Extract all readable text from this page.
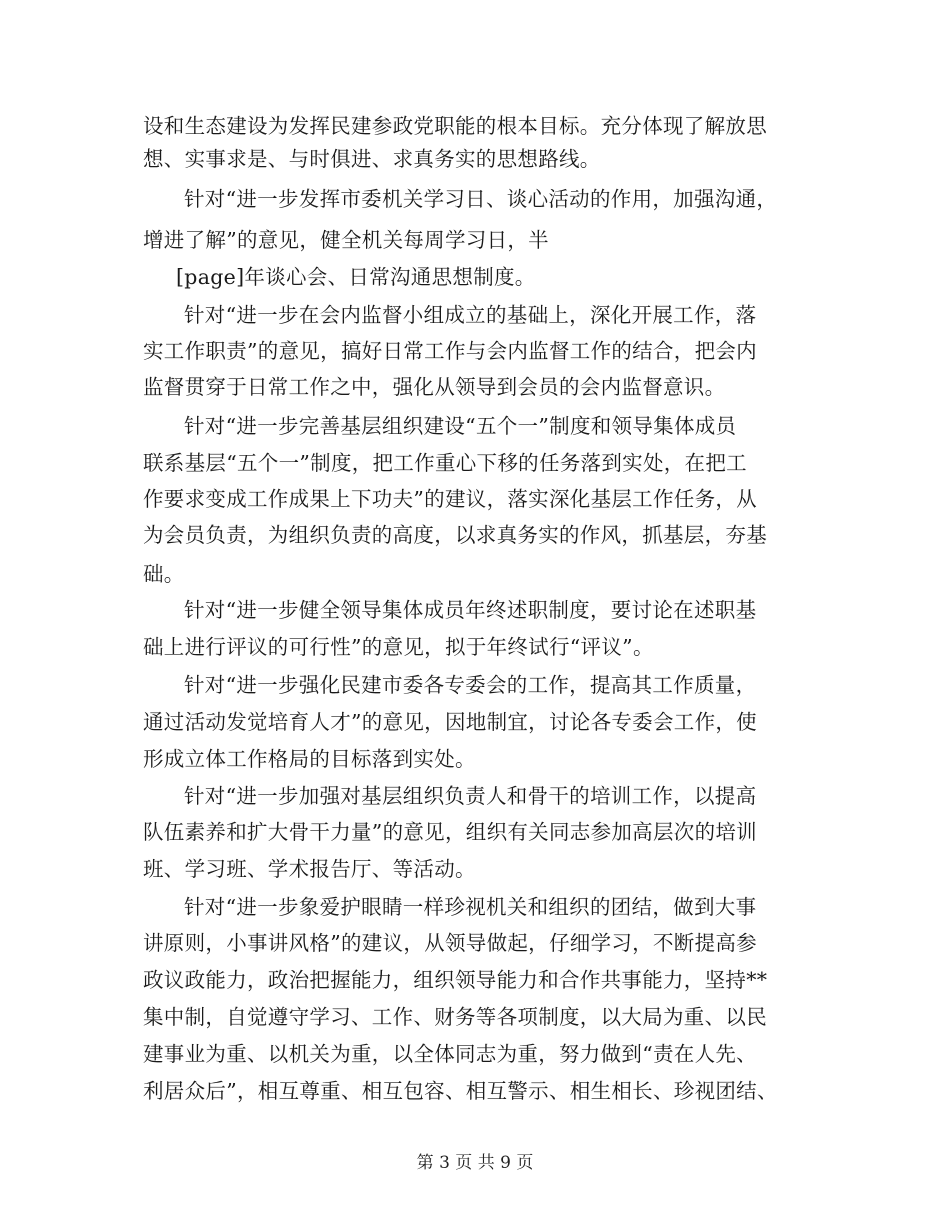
设和生态建设为发挥民建参政党职能的根本目标。充分体现了解放思
想、实事求是、与时俱进、求真务实的思想路线。
针对“进一步发挥市委机关学习日、谈心活动的作用，加强沟通，
增进了解”的意见，健全机关每周学习日，半
[page]年谈心会、日常沟通思想制度。
针对“进一步在会内监督小组成立的基础上，深化开展工作，落
实工作职责”的意见，搞好日常工作与会内监督工作的结合，把会内
监督贯穿于日常工作之中，强化从领导到会员的会内监督意识。
针对“进一步完善基层组织建设“五个一”制度和领导集体成员
联系基层“五个一”制度，把工作重心下移的任务落到实处，在把工
作要求变成工作成果上下功夫”的建议，落实深化基层工作任务，从
为会员负责，为组织负责的高度，以求真务实的作风，抓基层，夯基
础。
针对“进一步健全领导集体成员年终述职制度，要讨论在述职基
础上进行评议的可行性”的意见，拟于年终试行“评议”。
针对“进一步强化民建市委各专委会的工作，提高其工作质量，
通过活动发觉培育人才”的意见，因地制宜，讨论各专委会工作，使
形成立体工作格局的目标落到实处。
针对“进一步加强对基层组织负责人和骨干的培训工作，以提高
队伍素养和扩大骨干力量”的意见，组织有关同志参加高层次的培训
班、学习班、学术报告厅、等活动。
针对“进一步象爱护眼睛一样珍视机关和组织的团结，做到大事
讲原则，小事讲风格”的建议，从领导做起，仔细学习，不断提高参
政议政能力，政治把握能力，组织领导能力和合作共事能力，坚持**
集中制，自觉遵守学习、工作、财务等各项制度，以大局为重、以民
建事业为重、以机关为重，以全体同志为重，努力做到“责在人先、
利居众后”，相互尊重、相互包容、相互警示、相生相长、珍视团结、
第 3 页 共 9 页
